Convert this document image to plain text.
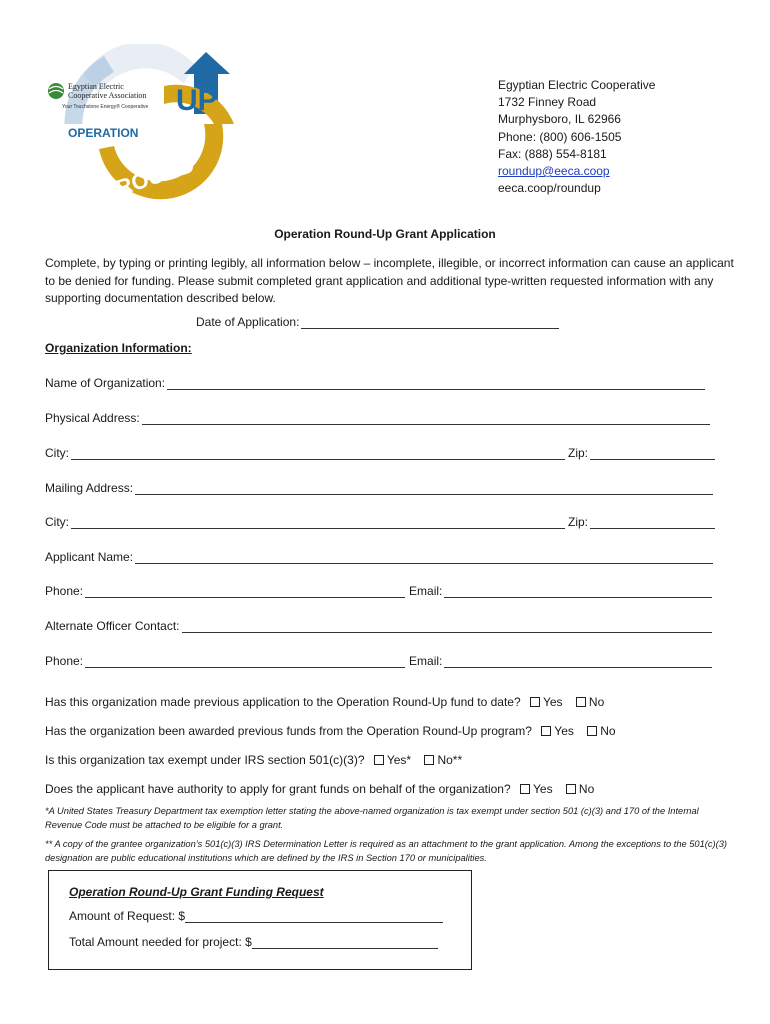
Egyptian Electric
Cooperative Association
Your Touchstone Energy® Cooperative
OPERATION
UP
ROUND
Egyptian Electric Cooperative
1732 Finney Road
Murphysboro, IL 62966
Phone: (800) 606-1505
Fax: (888) 554-8181
roundup@eeca.coop
eeca.coop/roundup
Operation Round-Up Grant Application
Complete, by typing or printing legibly, all information below – incomplete, illegible, or incorrect information can cause an applicant to be denied for funding. Please submit completed grant application and additional type-written requested information with any supporting documentation described below.
Date of Application:
Organization Information:
Name of Organization:
Physical Address:
City:	Zip:
Mailing Address:
City:	Zip:
Applicant Name:
Phone:	Email:
Alternate Officer Contact:
Phone:	Email:
Has this organization made previous application to the Operation Round-Up fund to date? Yes No
Has the organization been awarded previous funds from the Operation Round-Up program? Yes No
Is this organization tax exempt under IRS section 501(c)(3)? Yes* No**
Does the applicant have authority to apply for grant funds on behalf of the organization? Yes No
*A United States Treasury Department tax exemption letter stating the above-named organization is tax exempt under section 501 (c)(3) and 170 of the Internal Revenue Code must be attached to be eligible for a grant.
** A copy of the grantee organization’s 501(c)(3) IRS Determination Letter is required as an attachment to the grant application. Among the exceptions to the 501(c)(3) designation are public educational institutions which are defined by the IRS in Section 170 or municipalities.
Operation Round-Up Grant Funding Request
Amount of Request: $
Total Amount needed for project: $
